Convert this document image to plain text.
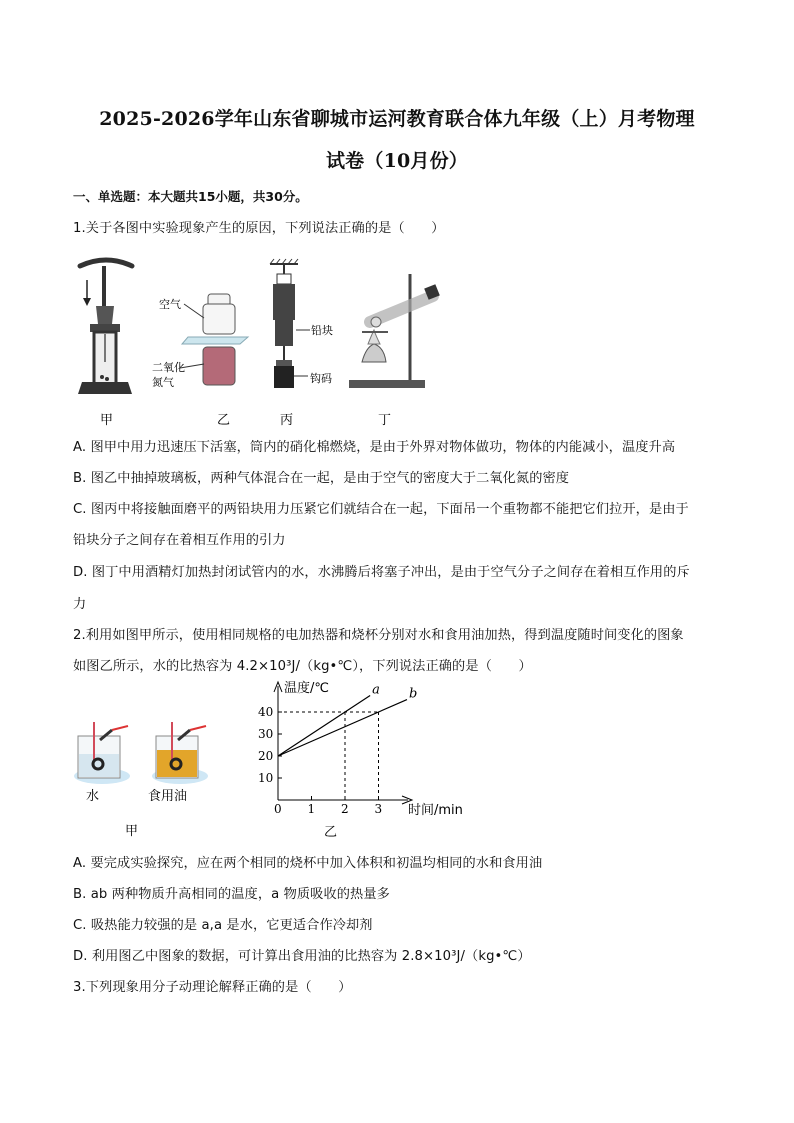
2025-2026学年山东省聊城市运河教育联合体九年级（上）月考物理
试卷（10月份）
一、单选题：本大题共15小题，共30分。
1.关于各图中实验现象产生的原因，下列说法正确的是（　　）
空气
二氧化
氮气
铅块
钩码
甲	乙	丙	丁
A. 图甲中用力迅速压下活塞，筒内的硝化棉燃烧，是由于外界对物体做功，物体的内能减小，温度升高
B. 图乙中抽掉玻璃板，两种气体混合在一起，是由于空气的密度大于二氧化氮的密度
C. 图丙中将接触面磨平的两铅块用力压紧它们就结合在一起，下面吊一个重物都不能把它们拉开，是由于
铅块分子之间存在着相互作用的引力
D. 图丁中用酒精灯加热封闭试管内的水，水沸腾后将塞子冲出，是由于空气分子之间存在着相互作用的斥
力
2.利用如图甲所示，使用相同规格的电加热器和烧杯分别对水和食用油加热，得到温度随时间变化的图象
如图乙所示，水的比热容为 4.2×10³J/（kg•℃），下列说法正确的是（　　）
水	食用油
甲
温度/℃
时间/min
乙
0 1 2 3
10
20
30
40
a b
A. 要完成实验探究，应在两个相同的烧杯中加入体积和初温均相同的水和食用油
B. ab 两种物质升高相同的温度，a 物质吸收的热量多
C. 吸热能力较强的是 a,a 是水，它更适合作冷却剂
D. 利用图乙中图象的数据，可计算出食用油的比热容为 2.8×10³J/（kg•℃）
3.下列现象用分子动理论解释正确的是（　　）
